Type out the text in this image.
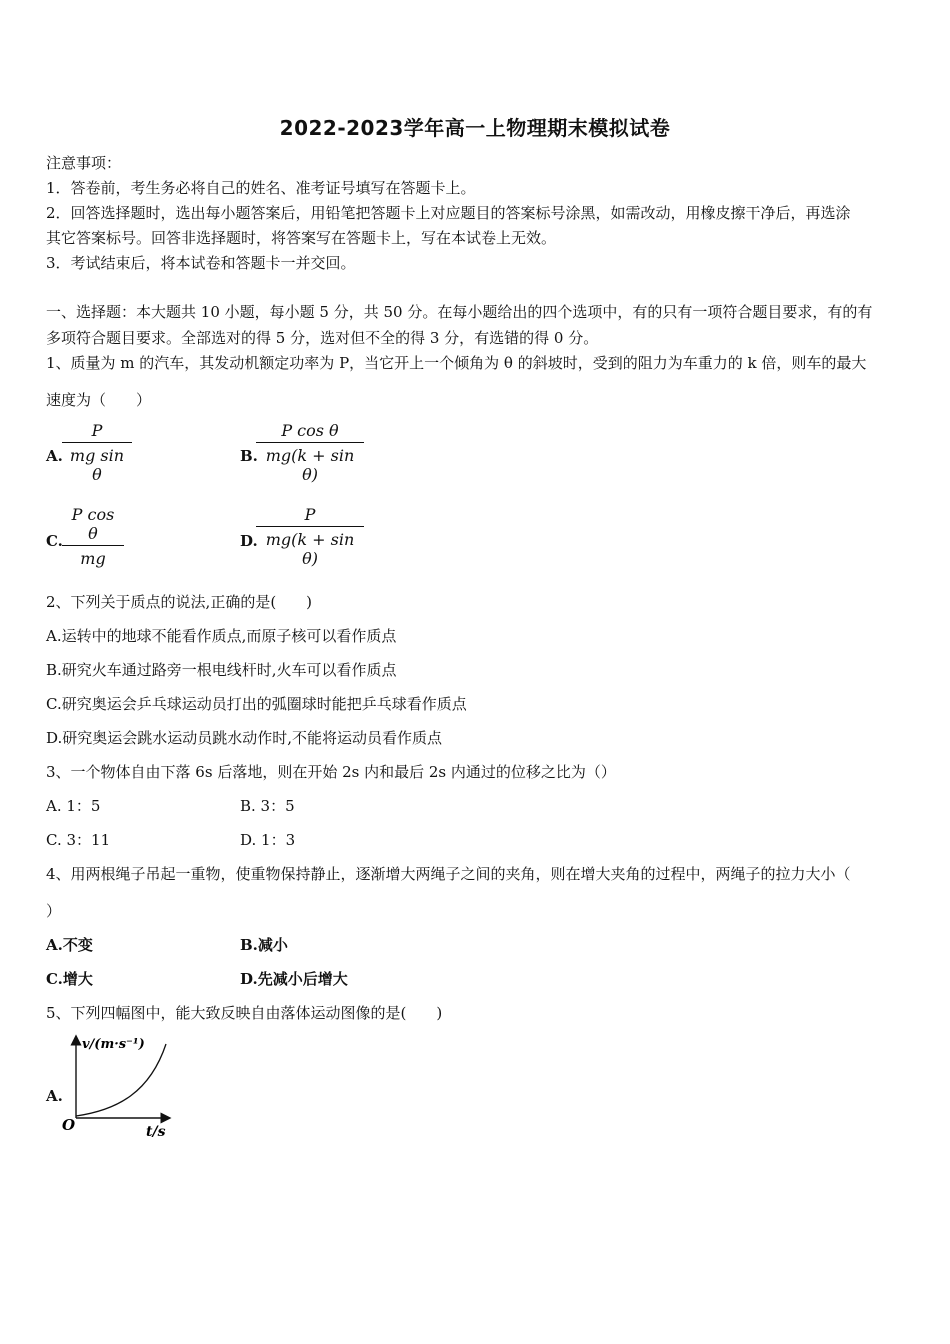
2022-2023学年高一上物理期末模拟试卷
注意事项：
1．答卷前，考生务必将自己的姓名、准考证号填写在答题卡上。
2．回答选择题时，选出每小题答案后，用铅笔把答题卡上对应题目的答案标号涂黑，如需改动，用橡皮擦干净后，再选涂
其它答案标号。回答非选择题时，将答案写在答题卡上，写在本试卷上无效。
3．考试结束后，将本试卷和答题卡一并交回。
一、选择题：本大题共 10 小题，每小题 5 分，共 50 分。在每小题给出的四个选项中，有的只有一项符合题目要求，有的有
多项符合题目要求。全部选对的得 5 分，选对但不全的得 3 分，有选错的得 0 分。
1、质量为 m 的汽车，其发动机额定功率为 P，当它开上一个倾角为 θ 的斜坡时，受到的阻力为车重力的 k 倍，则车的最大
速度为（　　）
A.
P
mg sin θ
B.
P cos θ
mg(k + sin θ)
C.
P cos θ
mg
D.
P
mg(k + sin θ)
2、下列关于质点的说法,正确的是(　　)
A.运转中的地球不能看作质点,而原子核可以看作质点
B.研究火车通过路旁一根电线杆时,火车可以看作质点
C.研究奥运会乒乓球运动员打出的弧圈球时能把乒乓球看作质点
D.研究奥运会跳水运动员跳水动作时,不能将运动员看作质点
3、一个物体自由下落 6s 后落地，则在开始 2s 内和最后 2s 内通过的位移之比为（）
A. 1：5	B. 3：5
C. 3：11	D. 1：3
4、用两根绳子吊起一重物，使重物保持静止，逐渐增大两绳子之间的夹角，则在增大夹角的过程中，两绳子的拉力大小（
）
A.不变	B.减小
C.增大	D.先减小后增大
5、下列四幅图中，能大致反映自由落体运动图像的是(　　)
A.
v/(m·s⁻¹)
O	t/s
